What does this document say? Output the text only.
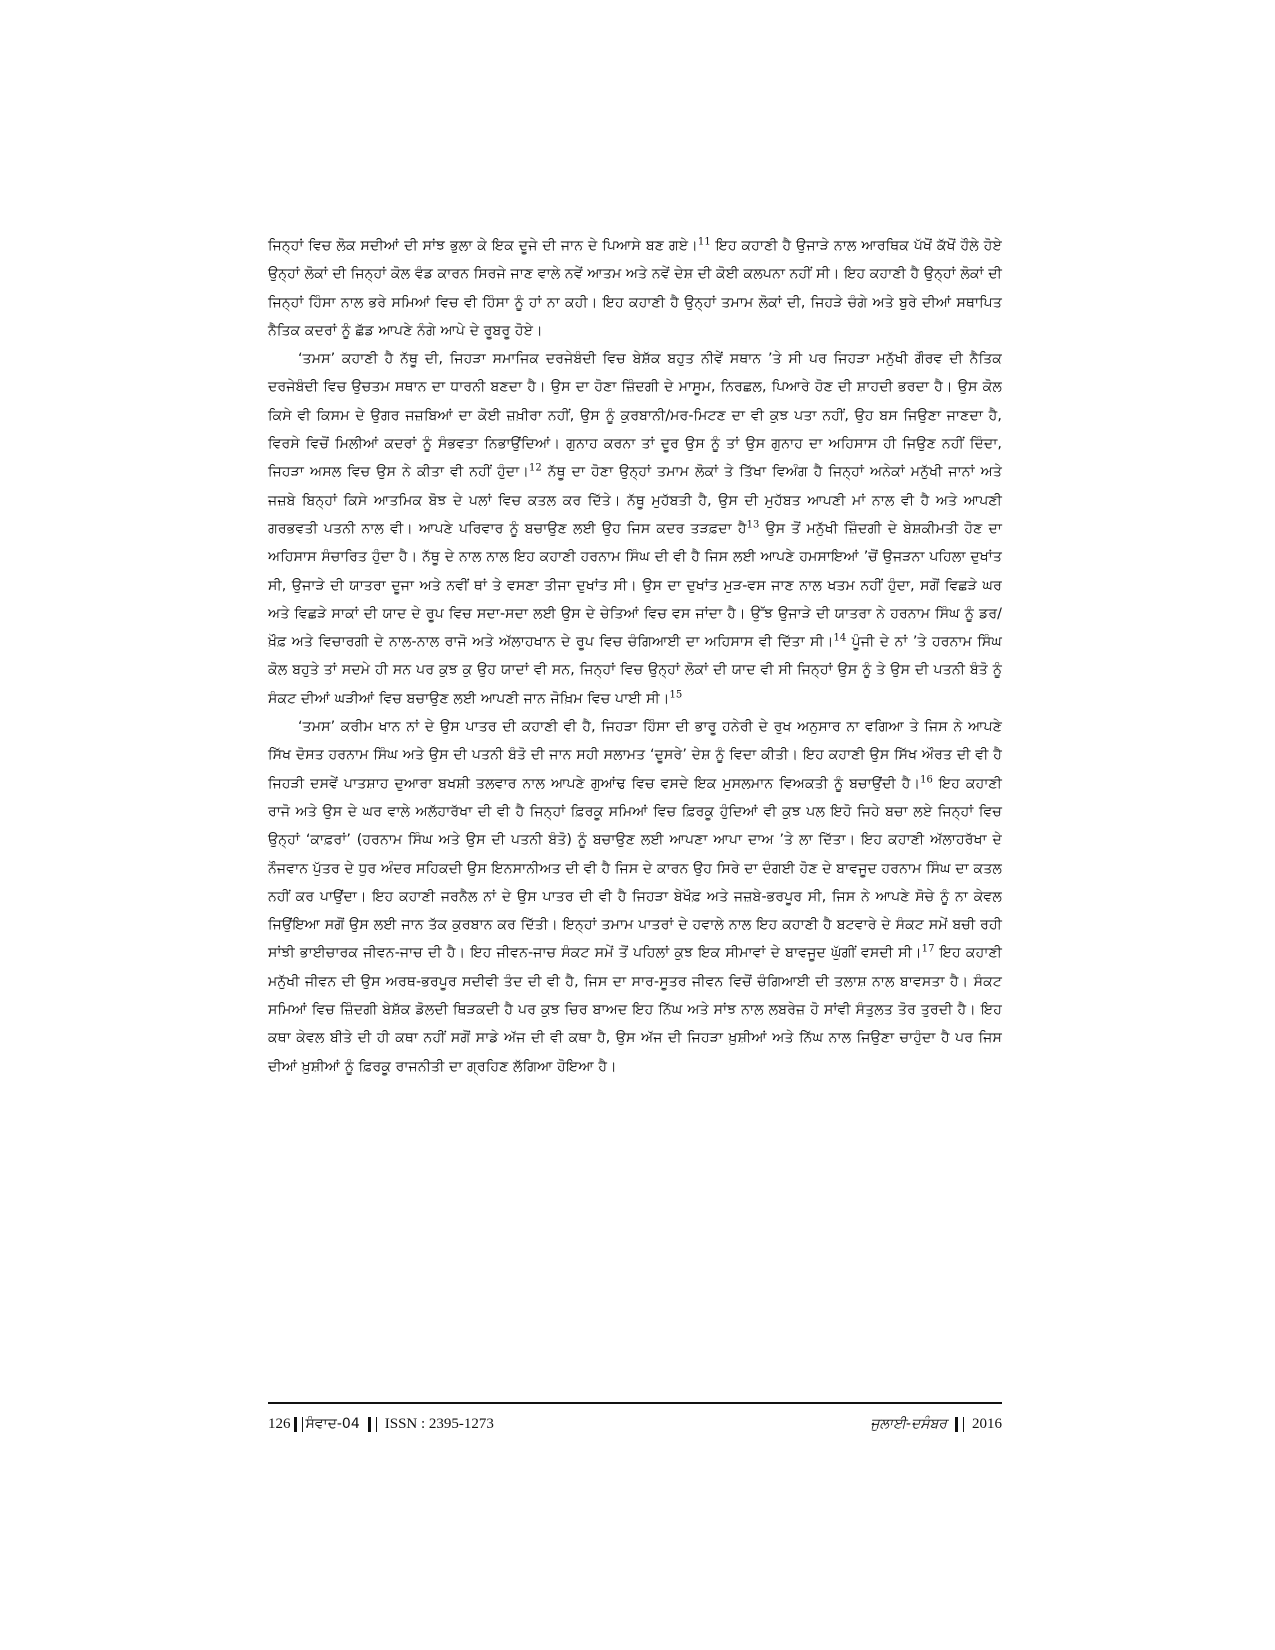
ਜਿਨ੍ਹਾਂ ਵਿਚ ਲੋਕ ਸਦੀਆਂ ਦੀ ਸਾਂਝ ਭੁਲਾ ਕੇ ਇਕ ਦੂਜੇ ਦੀ ਜਾਨ ਦੇ ਪਿਆਸੇ ਬਣ ਗਏ।$^{11}$ ਇਹ ਕਹਾਣੀ ਹੈ ਉਜਾੜੇ ਨਾਲ ਆਰਥਿਕ ਪੱਖੋਂ ਕੱਖੋਂ ਹੌਲੇ ਹੋਏ ਉਨ੍ਹਾਂ ਲੋਕਾਂ ਦੀ ਜਿਨ੍ਹਾਂ ਕੋਲ ਵੰਡ ਕਾਰਨ ਸਿਰਜੇ ਜਾਣ ਵਾਲੇ ਨਵੇਂ ਆਤਮ ਅਤੇ ਨਵੇਂ ਦੇਸ਼ ਦੀ ਕੋਈ ਕਲਪਨਾ ਨਹੀਂ ਸੀ। ਇਹ ਕਹਾਣੀ ਹੈ ਉਨ੍ਹਾਂ ਲੋਕਾਂ ਦੀ ਜਿਨ੍ਹਾਂ ਹਿੰਸਾ ਨਾਲ ਭਰੇ ਸਮਿਆਂ ਵਿਚ ਵੀ ਹਿੰਸਾ ਨੂੰ ਹਾਂ ਨਾ ਕਹੀ। ਇਹ ਕਹਾਣੀ ਹੈ ਉਨ੍ਹਾਂ ਤਮਾਮ ਲੋਕਾਂ ਦੀ, ਜਿਹੜੇ ਚੰਗੇ ਅਤੇ ਬੁਰੇ ਦੀਆਂ ਸਥਾਪਿਤ ਨੈਤਿਕ ਕਦਰਾਂ ਨੂੰ ਛੱਡ ਆਪਣੇ ਨੰਗੇ ਆਪੇ ਦੇ ਰੂਬਰੂ ਹੋਏ।

‘ਤਮਸ’ ਕਹਾਣੀ ਹੈ ਨੱਥੂ ਦੀ, ਜਿਹੜਾ ਸਮਾਜਿਕ ਦਰਜੇਬੰਦੀ ਵਿਚ ਬੇਸ਼ੱਕ ਬਹੁਤ ਨੀਵੇਂ ਸਥਾਨ ’ਤੇ ਸੀ ਪਰ ਜਿਹੜਾ ਮਨੁੱਖੀ ਗੌਰਵ ਦੀ ਨੈਤਿਕ ਦਰਜੇਬੰਦੀ ਵਿਚ ਉਚਤਮ ਸਥਾਨ ਦਾ ਧਾਰਨੀ ਬਣਦਾ ਹੈ। ਉਸ ਦਾ ਹੋਣਾ ਜ਼ਿੰਦਗੀ ਦੇ ਮਾਸੂਮ, ਨਿਰਛਲ, ਪਿਆਰੇ ਹੋਣ ਦੀ ਸ਼ਾਹਦੀ ਭਰਦਾ ਹੈ। ਉਸ ਕੋਲ ਕਿਸੇ ਵੀ ਕਿਸਮ ਦੇ ਉਗਰ ਜਜ਼ਬਿਆਂ ਦਾ ਕੋਈ ਜ਼ਖ਼ੀਰਾ ਨਹੀਂ, ਉਸ ਨੂੰ ਕੁਰਬਾਨੀ/ਮਰ-ਮਿਟਣ ਦਾ ਵੀ ਕੁਝ ਪਤਾ ਨਹੀਂ, ਉਹ ਬਸ ਜਿਉਣਾ ਜਾਣਦਾ ਹੈ, ਵਿਰਸੇ ਵਿਚੋਂ ਮਿਲੀਆਂ ਕਦਰਾਂ ਨੂੰ ਸੰਭਵਤਾ ਨਿਭਾਉਂਦਿਆਂ। ਗੁਨਾਹ ਕਰਨਾ ਤਾਂ ਦੂਰ ਉਸ ਨੂੰ ਤਾਂ ਉਸ ਗੁਨਾਹ ਦਾ ਅਹਿਸਾਸ ਹੀ ਜਿਉਣ ਨਹੀਂ ਦਿੰਦਾ, ਜਿਹੜਾ ਅਸਲ ਵਿਚ ਉਸ ਨੇ ਕੀਤਾ ਵੀ ਨਹੀਂ ਹੁੰਦਾ।$^{12}$ ਨੱਥੂ ਦਾ ਹੋਣਾ ਉਨ੍ਹਾਂ ਤਮਾਮ ਲੋਕਾਂ ਤੇ ਤਿੱਖਾ ਵਿਅੰਗ ਹੈ ਜਿਨ੍ਹਾਂ ਅਨੇਕਾਂ ਮਨੁੱਖੀ ਜਾਨਾਂ ਅਤੇ ਜਜ਼ਬੇ ਬਿਨ੍ਹਾਂ ਕਿਸੇ ਆਤਮਿਕ ਬੋਝ ਦੇ ਪਲਾਂ ਵਿਚ ਕਤਲ ਕਰ ਦਿੱਤੇ। ਨੱਥੂ ਮੁਹੱਬਤੀ ਹੈ, ਉਸ ਦੀ ਮੁਹੱਬਤ ਆਪਣੀ ਮਾਂ ਨਾਲ ਵੀ ਹੈ ਅਤੇ ਆਪਣੀ ਗਰਭਵਤੀ ਪਤਨੀ ਨਾਲ ਵੀ। ਆਪਣੇ ਪਰਿਵਾਰ ਨੂੰ ਬਚਾਉਣ ਲਈ ਉਹ ਜਿਸ ਕਦਰ ਤੜਫ਼ਦਾ ਹੈ$^{13}$ ਉਸ ਤੋਂ ਮਨੁੱਖੀ ਜ਼ਿੰਦਗੀ ਦੇ ਬੇਸ਼ਕੀਮਤੀ ਹੋਣ ਦਾ ਅਹਿਸਾਸ ਸੰਚਾਰਿਤ ਹੁੰਦਾ ਹੈ। ਨੱਥੂ ਦੇ ਨਾਲ ਨਾਲ ਇਹ ਕਹਾਣੀ ਹਰਨਾਮ ਸਿੰਘ ਦੀ ਵੀ ਹੈ ਜਿਸ ਲਈ ਆਪਣੇ ਹਮਸਾਇਆਂ ’ਚੋਂ ਉਜੜਨਾ ਪਹਿਲਾ ਦੁਖਾਂਤ ਸੀ, ਉਜਾੜੇ ਦੀ ਯਾਤਰਾ ਦੂਜਾ ਅਤੇ ਨਵੀਂ ਥਾਂ ਤੇ ਵਸਣਾ ਤੀਜਾ ਦੁਖਾਂਤ ਸੀ। ਉਸ ਦਾ ਦੁਖਾਂਤ ਮੁੜ-ਵਸ ਜਾਣ ਨਾਲ ਖਤਮ ਨਹੀਂ ਹੁੰਦਾ, ਸਗੋਂ ਵਿਛੜੇ ਘਰ ਅਤੇ ਵਿਛੜੇ ਸਾਕਾਂ ਦੀ ਯਾਦ ਦੇ ਰੂਪ ਵਿਚ ਸਦਾ-ਸਦਾ ਲਈ ਉਸ ਦੇ ਚੇਤਿਆਂ ਵਿਚ ਵਸ ਜਾਂਦਾ ਹੈ। ਉੱਝ ਉਜਾੜੇ ਦੀ ਯਾਤਰਾ ਨੇ ਹਰਨਾਮ ਸਿੰਘ ਨੂੰ ਡਰ/ਖ਼ੌਫ਼ ਅਤੇ ਵਿਚਾਰਗੀ ਦੇ ਨਾਲ-ਨਾਲ ਰਾਜੋ ਅਤੇ ਅੱਲਾਹਖਾਨ ਦੇ ਰੂਪ ਵਿਚ ਚੰਗਿਆਈ ਦਾ ਅਹਿਸਾਸ ਵੀ ਦਿੱਤਾ ਸੀ।$^{14}$ ਪੂੰਜੀ ਦੇ ਨਾਂ ’ਤੇ ਹਰਨਾਮ ਸਿੰਘ ਕੋਲ ਬਹੁਤੇ ਤਾਂ ਸਦਮੇ ਹੀ ਸਨ ਪਰ ਕੁਝ ਕੁ ਉਹ ਯਾਦਾਂ ਵੀ ਸਨ, ਜਿਨ੍ਹਾਂ ਵਿਚ ਉਨ੍ਹਾਂ ਲੋਕਾਂ ਦੀ ਯਾਦ ਵੀ ਸੀ ਜਿਨ੍ਹਾਂ ਉਸ ਨੂੰ ਤੇ ਉਸ ਦੀ ਪਤਨੀ ਬੰਤੋ ਨੂੰ ਸੰਕਟ ਦੀਆਂ ਘੜੀਆਂ ਵਿਚ ਬਚਾਉਣ ਲਈ ਆਪਣੀ ਜਾਨ ਜੋਖ਼ਿਮ ਵਿਚ ਪਾਈ ਸੀ।$^{15}$

‘ਤਮਸ’ ਕਰੀਮ ਖਾਨ ਨਾਂ ਦੇ ਉਸ ਪਾਤਰ ਦੀ ਕਹਾਣੀ ਵੀ ਹੈ, ਜਿਹੜਾ ਹਿੰਸਾ ਦੀ ਭਾਰੂ ਹਨੇਰੀ ਦੇ ਰੁਖ ਅਨੁਸਾਰ ਨਾ ਵਗਿਆ ਤੇ ਜਿਸ ਨੇ ਆਪਣੇ ਸਿੱਖ ਦੋਸਤ ਹਰਨਾਮ ਸਿੰਘ ਅਤੇ ਉਸ ਦੀ ਪਤਨੀ ਬੰਤੋ ਦੀ ਜਾਨ ਸਹੀ ਸਲਾਮਤ ‘ਦੂਸਰੇ’ ਦੇਸ਼ ਨੂੰ ਵਿਦਾ ਕੀਤੀ। ਇਹ ਕਹਾਣੀ ਉਸ ਸਿੱਖ ਔਰਤ ਦੀ ਵੀ ਹੈ ਜਿਹੜੀ ਦਸਵੇਂ ਪਾਤਸ਼ਾਹ ਦੁਆਰਾ ਬਖਸ਼ੀ ਤਲਵਾਰ ਨਾਲ ਆਪਣੇ ਗੁਆਂਢ ਵਿਚ ਵਸਦੇ ਇਕ ਮੁਸਲਮਾਨ ਵਿਅਕਤੀ ਨੂੰ ਬਚਾਉਂਦੀ ਹੈ।$^{16}$ ਇਹ ਕਹਾਣੀ ਰਾਜੋ ਅਤੇ ਉਸ ਦੇ ਘਰ ਵਾਲੇ ਅਲੱਹਾਰੱਖਾ ਦੀ ਵੀ ਹੈ ਜਿਨ੍ਹਾਂ ਫ਼ਿਰਕੂ ਸਮਿਆਂ ਵਿਚ ਫ਼ਿਰਕੂ ਹੁੰਦਿਆਂ ਵੀ ਕੁਝ ਪਲ ਇਹੋ ਜਿਹੇ ਬਚਾ ਲਏ ਜਿਨ੍ਹਾਂ ਵਿਚ ਉਨ੍ਹਾਂ ‘ਕਾਫ਼ਰਾਂ’ (ਹਰਨਾਮ ਸਿੰਘ ਅਤੇ ਉਸ ਦੀ ਪਤਨੀ ਬੰਤੋ) ਨੂੰ ਬਚਾਉਣ ਲਈ ਆਪਣਾ ਆਪਾ ਦਾਅ ’ਤੇ ਲਾ ਦਿੱਤਾ। ਇਹ ਕਹਾਣੀ ਅੱਲਾਹਰੱਖਾ ਦੇ ਨੌਜਵਾਨ ਪੁੱਤਰ ਦੇ ਧੁਰ ਅੰਦਰ ਸਹਿਕਦੀ ਉਸ ਇਨਸਾਨੀਅਤ ਦੀ ਵੀ ਹੈ ਜਿਸ ਦੇ ਕਾਰਨ ਉਹ ਸਿਰੇ ਦਾ ਦੰਗਈ ਹੋਣ ਦੇ ਬਾਵਜੂਦ ਹਰਨਾਮ ਸਿੰਘ ਦਾ ਕਤਲ ਨਹੀਂ ਕਰ ਪਾਉਂਦਾ। ਇਹ ਕਹਾਣੀ ਜਰਨੈਲ ਨਾਂ ਦੇ ਉਸ ਪਾਤਰ ਦੀ ਵੀ ਹੈ ਜਿਹੜਾ ਬੇਖੌਫ਼ ਅਤੇ ਜਜ਼ਬੇ-ਭਰਪੂਰ ਸੀ, ਜਿਸ ਨੇ ਆਪਣੇ ਸੋਚੇ ਨੂੰ ਨਾ ਕੇਵਲ ਜਿਉਂਇਆ ਸਗੋਂ ਉਸ ਲਈ ਜਾਨ ਤੱਕ ਕੁਰਬਾਨ ਕਰ ਦਿੱਤੀ। ਇਨ੍ਹਾਂ ਤਮਾਮ ਪਾਤਰਾਂ ਦੇ ਹਵਾਲੇ ਨਾਲ ਇਹ ਕਹਾਣੀ ਹੈ ਬਟਵਾਰੇ ਦੇ ਸੰਕਟ ਸਮੇਂ ਬਚੀ ਰਹੀ ਸਾਂਝੀ ਭਾਈਚਾਰਕ ਜੀਵਨ-ਜਾਚ ਦੀ ਹੈ। ਇਹ ਜੀਵਨ-ਜਾਚ ਸੰਕਟ ਸਮੇਂ ਤੋਂ ਪਹਿਲਾਂ ਕੁਝ ਇਕ ਸੀਮਾਵਾਂ ਦੇ ਬਾਵਜੂਦ ਘੁੱਗੀਂ ਵਸਦੀ ਸੀ।$^{17}$ ਇਹ ਕਹਾਣੀ ਮਨੁੱਖੀ ਜੀਵਨ ਦੀ ਉਸ ਅਰਥ-ਭਰਪੂਰ ਸਦੀਵੀ ਤੰਦ ਦੀ ਵੀ ਹੈ, ਜਿਸ ਦਾ ਸਾਰ-ਸੂਤਰ ਜੀਵਨ ਵਿਚੋਂ ਚੰਗਿਆਈ ਦੀ ਤਲਾਸ਼ ਨਾਲ ਬਾਵਸਤਾ ਹੈ। ਸੰਕਟ ਸਮਿਆਂ ਵਿਚ ਜ਼ਿੰਦਗੀ ਬੇਸ਼ੱਕ ਡੋਲਦੀ ਥਿੜਕਦੀ ਹੈ ਪਰ ਕੁਝ ਚਿਰ ਬਾਅਦ ਇਹ ਨਿੱਘ ਅਤੇ ਸਾਂਝ ਨਾਲ ਲਬਰੇਜ਼ ਹੋ ਸਾਂਵੀ ਸੰਤੁਲਤ ਤੋਰ ਤੁਰਦੀ ਹੈ। ਇਹ ਕਥਾ ਕੇਵਲ ਬੀਤੇ ਦੀ ਹੀ ਕਥਾ ਨਹੀਂ ਸਗੋਂ ਸਾਡੇ ਅੱਜ ਦੀ ਵੀ ਕਥਾ ਹੈ, ਉਸ ਅੱਜ ਦੀ ਜਿਹੜਾ ਖ਼ੁਸ਼ੀਆਂ ਅਤੇ ਨਿੱਘ ਨਾਲ ਜਿਉਣਾ ਚਾਹੁੰਦਾ ਹੈ ਪਰ ਜਿਸ ਦੀਆਂ ਖ਼ੁਸ਼ੀਆਂ ਨੂੰ ਫ਼ਿਰਕੂ ਰਾਜਨੀਤੀ ਦਾ ਗ੍ਰਹਿਣ ਲੱਗਿਆ ਹੋਇਆ ਹੈ।

126 ਸੰਵਾਦ-04 ISSN : 2395-1273	ਜੁਲਾਈ-ਦਸੰਬਰ 2016
